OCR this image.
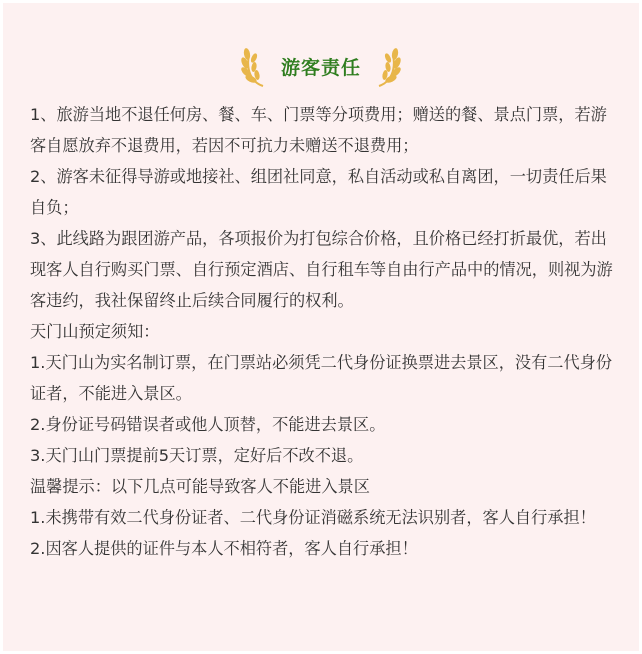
游客责任

1、旅游当地不退任何房、餐、车、门票等分项费用；赠送的餐、景点门票，若游客自愿放弃不退费用，若因不可抗力未赠送不退费用；

2、游客未征得导游或地接社、组团社同意，私自活动或私自离团，一切责任后果自负；

3、此线路为跟团游产品，各项报价为打包综合价格，且价格已经打折最优，若出现客人自行购买门票、自行预定酒店、自行租车等自由行产品中的情况，则视为游客违约，我社保留终止后续合同履行的权利。

天门山预定须知：

1.天门山为实名制订票，在门票站必须凭二代身份证换票进去景区，没有二代身份证者，不能进入景区。

2.身份证号码错误者或他人顶替，不能进去景区。

3.天门山门票提前5天订票，定好后不改不退。

温馨提示：以下几点可能导致客人不能进入景区

1.未携带有效二代身份证者、二代身份证消磁系统无法识别者，客人自行承担！

2.因客人提供的证件与本人不相符者，客人自行承担！
